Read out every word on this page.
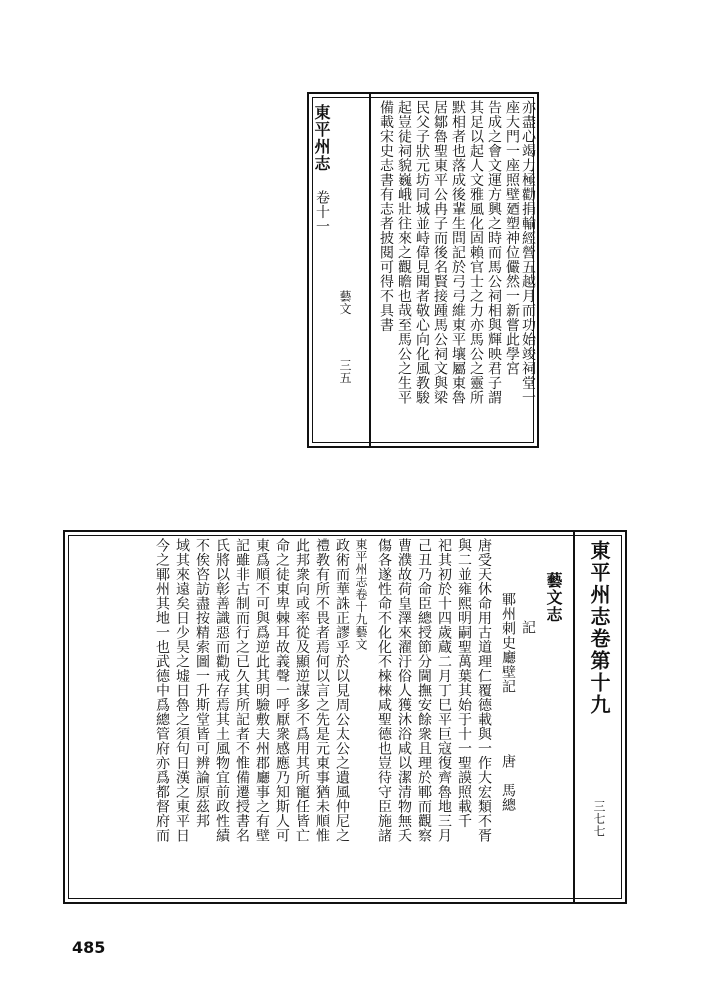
東平州志
卷十一
藝文
三五
備載宋史志書有志者披閱可得不具書 起豈徒祠貌巍峨壯往來之觀瞻也哉至馬公之生平 民父子狀元坊同城並峙偉見聞者敬心向化風教駿 居鄒魯聖東平公冉子而後名賢接踵馬公祠文與梁 默相者也落成後輩生問記於弓弓維東平壤屬東魯 其足以起人文雅風化固賴官士之力亦馬公之靈所 告成之會文運方興之時而馬公祠相與輝映君子謂 座大門一座照壁廼塑神位儼然一新嘗此學宮 亦盡心竭力極勸捐輸經營五越月而功始竣祠堂一
東平州志卷第十九
三七七
藝文志
記
鄆州刺史廳壁記
唐　馬總
唐受天休命用古道理仁覆德載與一作大宏類不胥
與二並雍熙明嗣聖萬葉其始于十一聖謨照載千
祀其初於十四歲蔵二月丁巳平巨寇復齊魯地三月
己丑乃命臣總授節分閫撫安餘衆且理於鄆而觀察
曹濮故荷皇澤來濯汙俗人獲沐浴咸以潔清物無夭
傷各遂性命不化化不棶棶咸聖德也豈待守臣施諸
東平州志卷十九藝文
政術而華誅正謬乎於以見周公太公之遺風仲尼之
禮教有所不畏者焉何以言之先是元東事猶未順惟
此邦衆向或率從及顯逆謀多不爲用其所寵任皆亡
命之徒東卑棘耳故義聲一呼厭衆感應乃知斯人可
東爲順不可與爲逆此其明驗敷夫州郡廳事之有壁
記雖非古制而行之已久其所記者不惟備遷授書名
氏將以彰善識惡而勸戒存焉其土風物宜前政性績
不俟咨訪盡按精索圖一升斯堂皆可辨論原茲邦
域其來遠矣日少昊之墟日魯之須句日漢之東平日
今之鄆州其地一也武德中爲總管府亦爲都督府而
485
